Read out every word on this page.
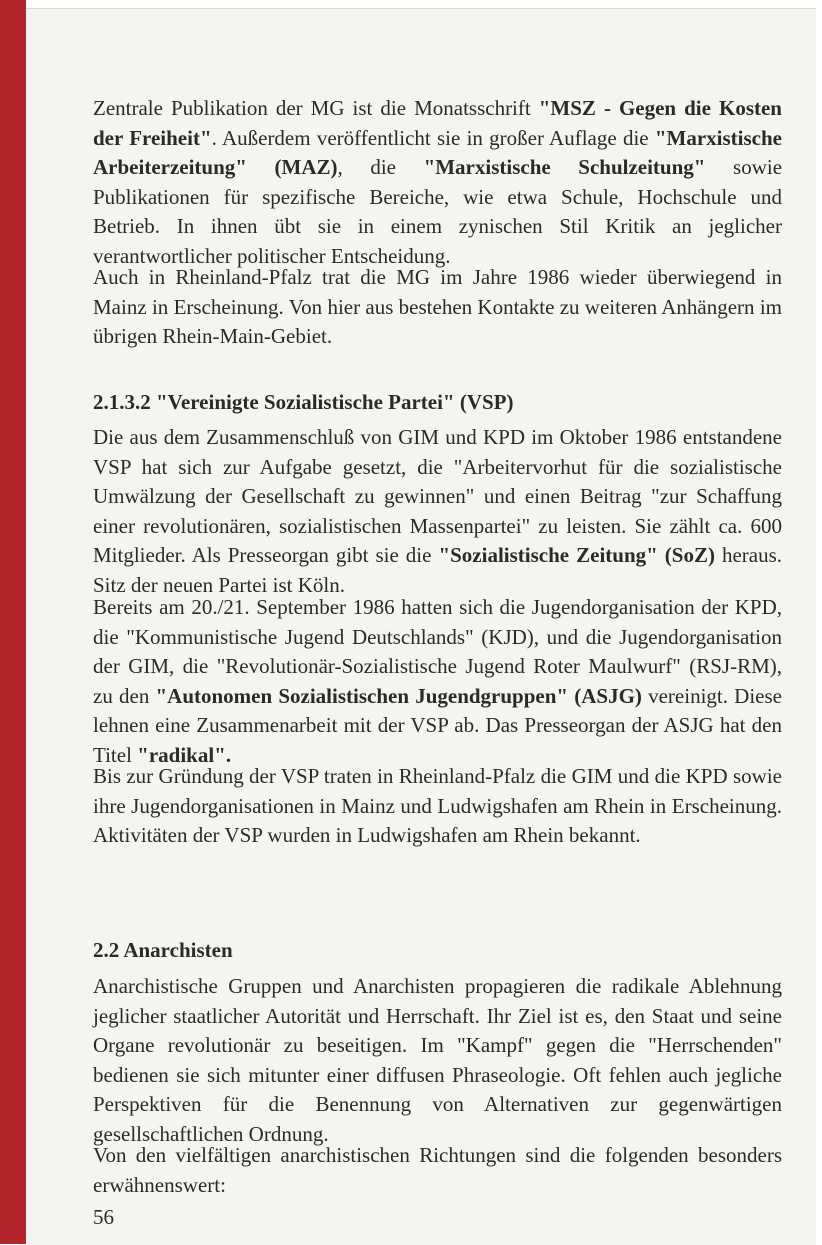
Zentrale Publikation der MG ist die Monatsschrift "MSZ - Gegen die Kosten der Freiheit". Außerdem veröffentlicht sie in großer Auflage die "Marxistische Arbeiterzeitung" (MAZ), die "Marxistische Schulzeitung" sowie Publikationen für spezifische Bereiche, wie etwa Schule, Hochschule und Betrieb. In ihnen übt sie in einem zynischen Stil Kritik an jeglicher verantwortlicher politischer Entscheidung.
Auch in Rheinland-Pfalz trat die MG im Jahre 1986 wieder überwiegend in Mainz in Erscheinung. Von hier aus bestehen Kontakte zu weiteren Anhängern im übrigen Rhein-Main-Gebiet.
2.1.3.2 "Vereinigte Sozialistische Partei" (VSP)
Die aus dem Zusammenschluß von GIM und KPD im Oktober 1986 entstandene VSP hat sich zur Aufgabe gesetzt, die "Arbeitervorhut für die sozialistische Umwälzung der Gesellschaft zu gewinnen" und einen Beitrag "zur Schaffung einer revolutionären, sozialistischen Massenpartei" zu leisten. Sie zählt ca. 600 Mitglieder. Als Presseorgan gibt sie die "Sozialistische Zeitung" (SoZ) heraus. Sitz der neuen Partei ist Köln.
Bereits am 20./21. September 1986 hatten sich die Jugendorganisation der KPD, die "Kommunistische Jugend Deutschlands" (KJD), und die Jugendorganisation der GIM, die "Revolutionär-Sozialistische Jugend Roter Maulwurf" (RSJ-RM), zu den "Autonomen Sozialistischen Jugendgruppen" (ASJG) vereinigt. Diese lehnen eine Zusammenarbeit mit der VSP ab. Das Presseorgan der ASJG hat den Titel "radikal".
Bis zur Gründung der VSP traten in Rheinland-Pfalz die GIM und die KPD sowie ihre Jugendorganisationen in Mainz und Ludwigshafen am Rhein in Erscheinung. Aktivitäten der VSP wurden in Ludwigshafen am Rhein bekannt.
2.2 Anarchisten
Anarchistische Gruppen und Anarchisten propagieren die radikale Ablehnung jeglicher staatlicher Autorität und Herrschaft. Ihr Ziel ist es, den Staat und seine Organe revolutionär zu beseitigen. Im "Kampf" gegen die "Herrschenden" bedienen sie sich mitunter einer diffusen Phraseologie. Oft fehlen auch jegliche Perspektiven für die Benennung von Alternativen zur gegenwärtigen gesellschaftlichen Ordnung.
Von den vielfältigen anarchistischen Richtungen sind die folgenden besonders erwähnenswert:
56
